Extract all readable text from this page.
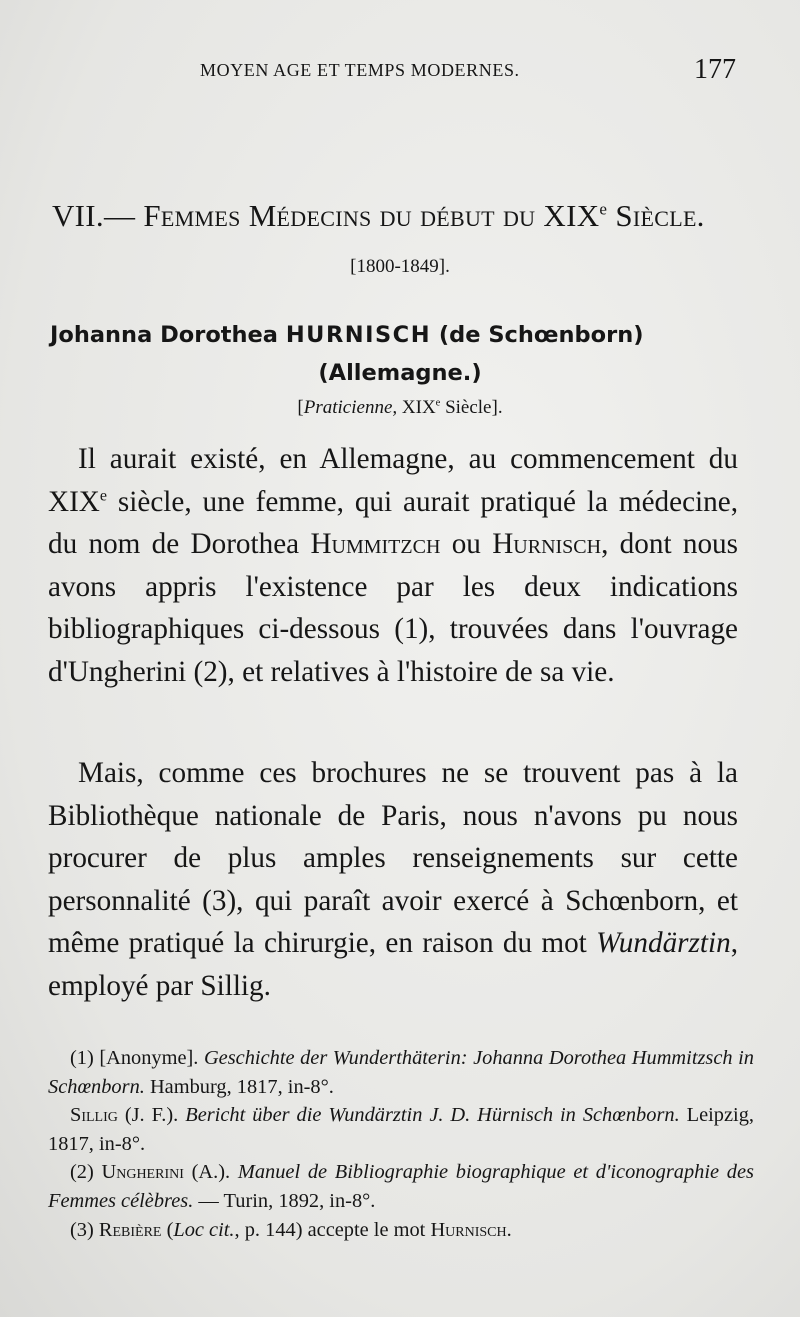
MOYEN AGE ET TEMPS MODERNES.	177
VII.— Femmes Médecins du début du XIXe Siècle.
[1800-1849].
Johanna Dorothea HURNISCH (de Schœnborn)
(Allemagne.)
[Praticienne, XIXe Siècle].

Il aurait existé, en Allemagne, au commencement du XIXe siècle, une femme, qui aurait pratiqué la médecine, du nom de Dorothea Hummitzch ou Hurnisch, dont nous avons appris l'existence par les deux indications bibliographiques ci-dessous (1), trouvées dans l'ouvrage d'Ungherini (2), et relatives à l'histoire de sa vie.

Mais, comme ces brochures ne se trouvent pas à la Bibliothèque nationale de Paris, nous n'avons pu nous procurer de plus amples renseignements sur cette personnalité (3), qui paraît avoir exercé à Schœnborn, et même pratiqué la chirurgie, en raison du mot Wundärztin, employé par Sillig.

(1) [Anonyme]. Geschichte der Wunderthäterin: Johanna Dorothea Hummitzsch in Schœnborn. Hamburg, 1817, in-8°.

Sillig (J. F.). Bericht über die Wundärztin J. D. Hürnisch in Schœnborn. Leipzig, 1817, in-8°.

(2) Ungherini (A.). Manuel de Bibliographie biographique et d'iconographie des Femmes célèbres. — Turin, 1892, in-8°.

(3) Rebière (Loc cit., p. 144) accepte le mot Hurnisch.
